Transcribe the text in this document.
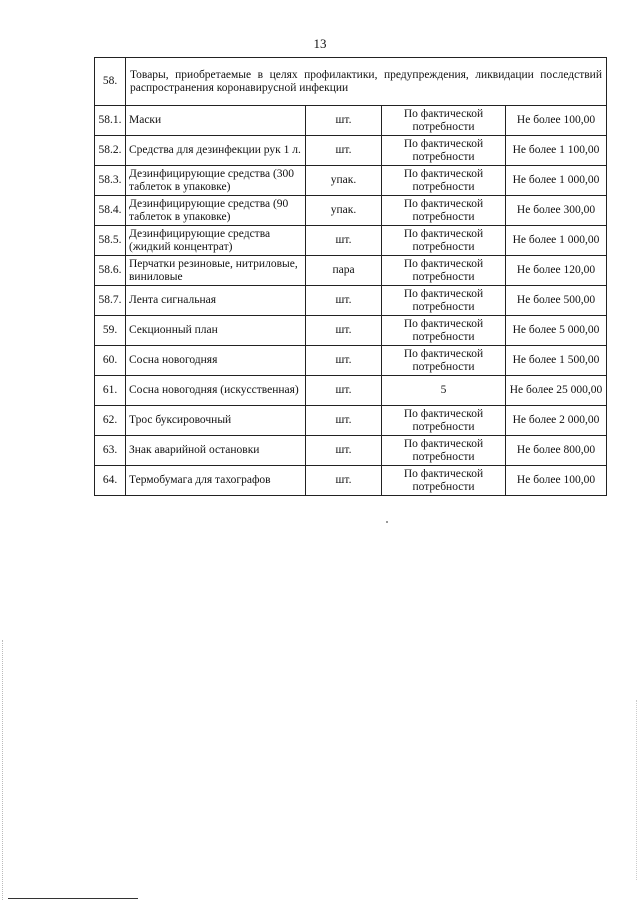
13
58.	Товары, приобретаемые в целях профилактики, предупреждения, ликвидации последствий распространения коронавирусной инфекции			
58.1.	Маски	шт.	По фактической потребности	Не более 100,00
58.2.	Средства для дезинфекции рук 1 л.	шт.	По фактической потребности	Не более 1 100,00
58.3.	Дезинфицирующие средства (300 таблеток в упаковке)	упак.	По фактической потребности	Не более 1 000,00
58.4.	Дезинфицирующие средства (90 таблеток в упаковке)	упак.	По фактической потребности	Не более 300,00
58.5.	Дезинфицирующие средства (жидкий концентрат)	шт.	По фактической потребности	Не более 1 000,00
58.6.	Перчатки резиновые, нитриловые, виниловые	пара	По фактической потребности	Не более 120,00
58.7.	Лента сигнальная	шт.	По фактической потребности	Не более 500,00
59.	Секционный план	шт.	По фактической потребности	Не более 5 000,00
60.	Сосна новогодняя	шт.	По фактической потребности	Не более 1 500,00
61.	Сосна новогодняя (искусственная)	шт.	5	Не более 25 000,00
62.	Трос буксировочный	шт.	По фактической потребности	Не более 2 000,00
63.	Знак аварийной остановки	шт.	По фактической потребности	Не более 800,00
64.	Термобумага для тахографов	шт.	По фактической потребности	Не более 100,00
